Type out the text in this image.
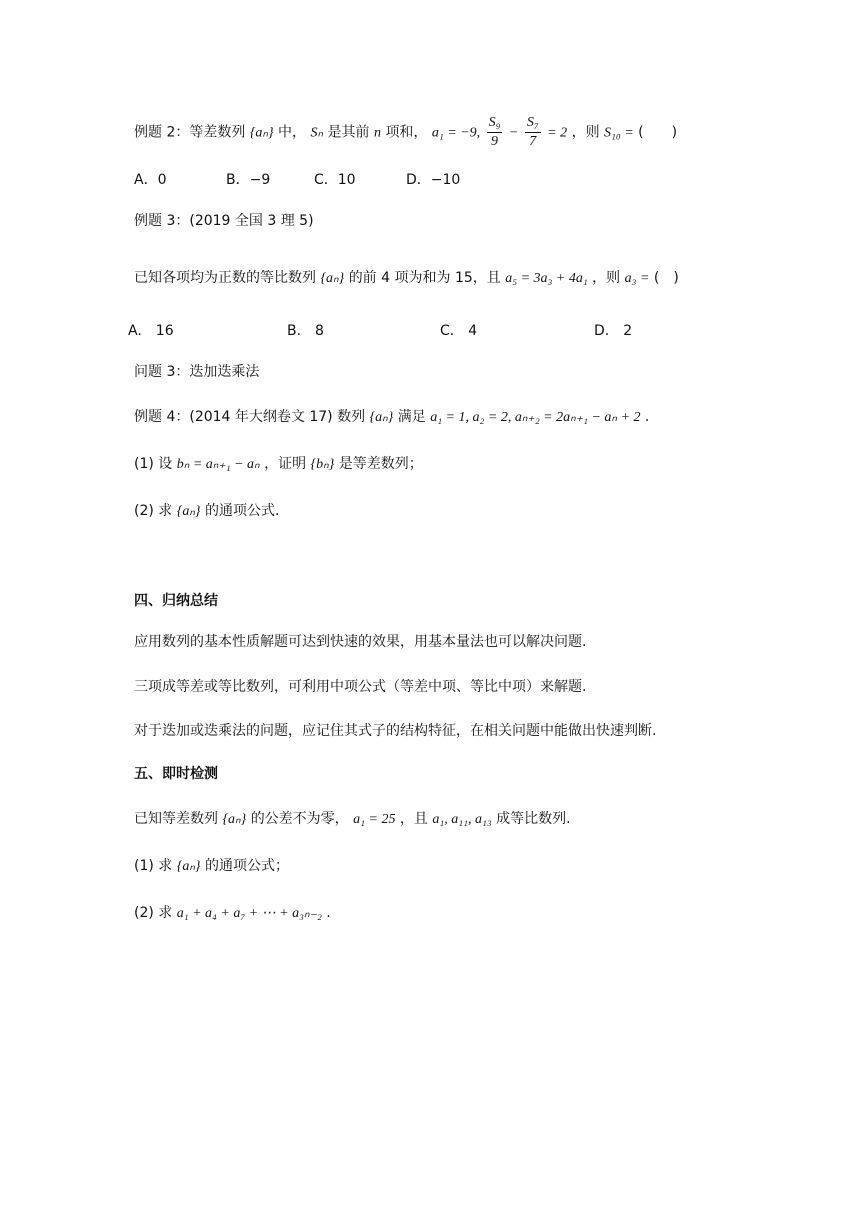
例题 2：等差数列 {aₙ} 中， Sₙ 是其前 n 项和， a₁ = −9, $\frac{\text{S₉}}{9} - \frac{\text{S₇}}{7} = 2$ ，则 S₁₀ = (　　)
A．0	B．−9	C．10	D．−10
例题 3：(2019 全国 3 理 5)
已知各项均为正数的等比数列 {aₙ} 的前 4 项为和为 15，且 a₅ = 3a₃ + 4a₁ ，则 a₃ = (　)
A.　16	B.　8	C.　4	D.　2
问题 3：迭加迭乘法
例题 4：(2014 年大纲卷文 17) 数列 {aₙ} 满足 a₁ = 1, a₂ = 2, aₙ₊₂ = 2aₙ₊₁ − aₙ + 2 .
(1) 设 bₙ = aₙ₊₁ − aₙ ，证明 {bₙ} 是等差数列；
(2) 求 {aₙ} 的通项公式.
四、归纳总结
应用数列的基本性质解题可达到快速的效果，用基本量法也可以解决问题.
三项成等差或等比数列，可利用中项公式（等差中项、等比中项）来解题.
对于迭加或迭乘法的问题，应记住其式子的结构特征，在相关问题中能做出快速判断.
五、即时检测
已知等差数列 {aₙ} 的公差不为零， a₁ = 25 ，且 a₁, a₁₁, a₁₃ 成等比数列.
(1) 求 {aₙ} 的通项公式；
(2) 求 a₁ + a₄ + a₇ + ⋯ + a₃ₙ₋₂ .
